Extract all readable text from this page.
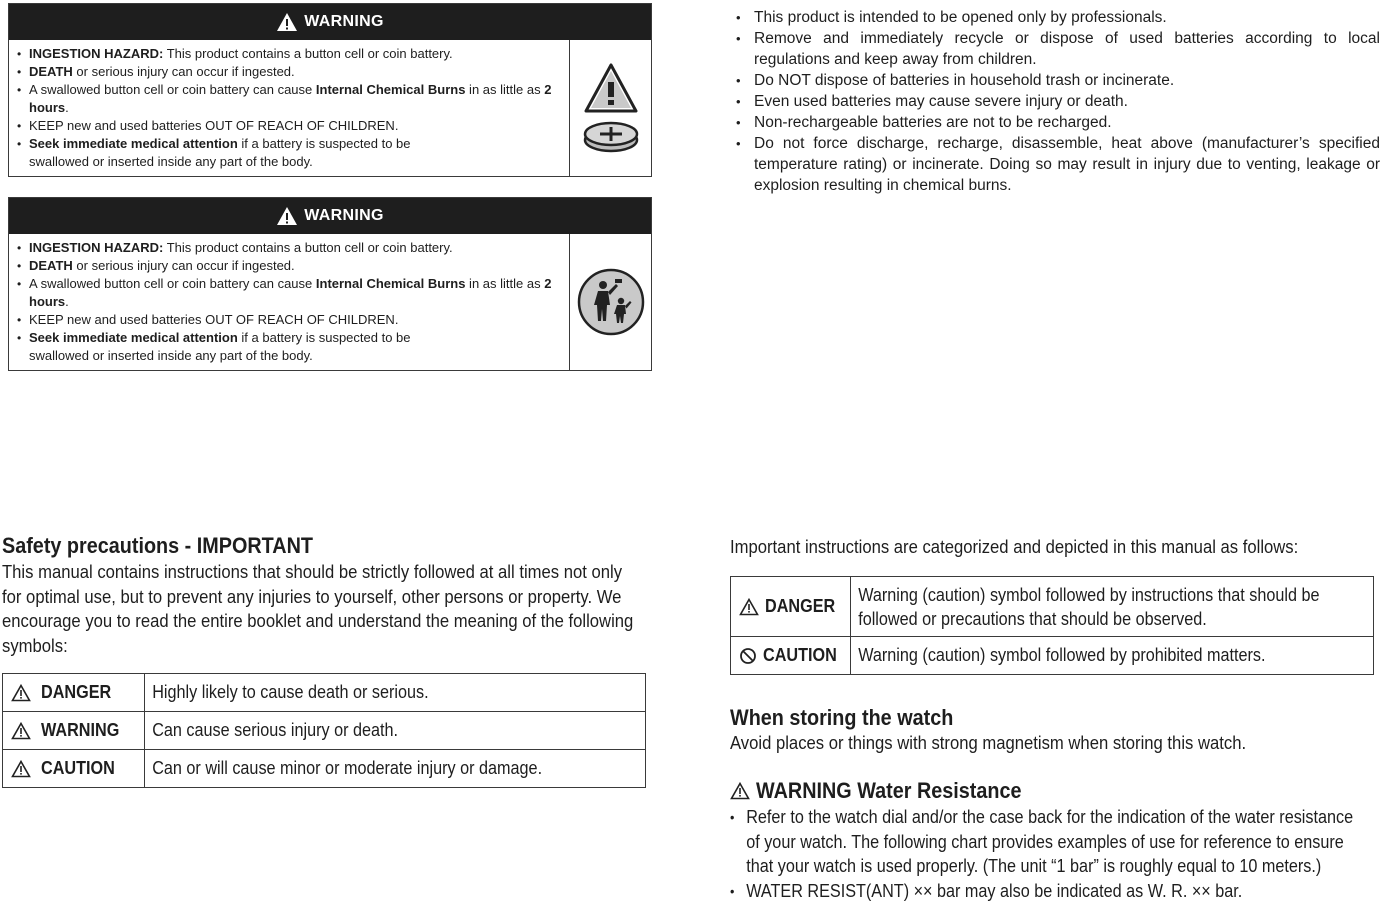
WARNING
• INGESTION HAZARD: This product contains a button cell or coin battery.
• DEATH or serious injury can occur if ingested.
• A swallowed button cell or coin battery can cause Internal Chemical Burns in as little as 2 hours.
• KEEP new and used batteries OUT OF REACH OF CHILDREN.
• Seek immediate medical attention if a battery is suspected to be swallowed or inserted inside any part of the body.
WARNING
• INGESTION HAZARD: This product contains a button cell or coin battery.
• DEATH or serious injury can occur if ingested.
• A swallowed button cell or coin battery can cause Internal Chemical Burns in as little as 2 hours.
• KEEP new and used batteries OUT OF REACH OF CHILDREN.
• Seek immediate medical attention if a battery is suspected to be swallowed or inserted inside any part of the body.
• This product is intended to be opened only by professionals.
• Remove and immediately recycle or dispose of used batteries according to local regulations and keep away from children.
• Do NOT dispose of batteries in household trash or incinerate.
• Even used batteries may cause severe injury or death.
• Non-rechargeable batteries are not to be recharged.
• Do not force discharge, recharge, disassemble, heat above (manufacturer’s specified temperature rating) or incinerate. Doing so may result in injury due to venting, leakage or explosion resulting in chemical burns.
Safety precautions - IMPORTANT
This manual contains instructions that should be strictly followed at all times not only
for optimal use, but to prevent any injuries to yourself, other persons or property. We
encourage you to read the entire booklet and understand the meaning of the following
symbols:
DANGER	Highly likely to cause death or serious.

WARNING	Can cause serious injury or death.

CAUTION	Can or will cause minor or moderate injury or damage.
Important instructions are categorized and depicted in this manual as follows:
DANGER	Warning (caution) symbol followed by instructions that should be
followed or precautions that should be observed.

CAUTION	Warning (caution) symbol followed by prohibited matters.
When storing the watch
Avoid places or things with strong magnetism when storing this watch.
WARNING Water Resistance
• Refer to the watch dial and/or the case back for the indication of the water resistance
of your watch. The following chart provides examples of use for reference to ensure
that your watch is used properly. (The unit “1 bar” is roughly equal to 10 meters.)
• WATER RESIST(ANT) ×× bar may also be indicated as W. R. ×× bar.
